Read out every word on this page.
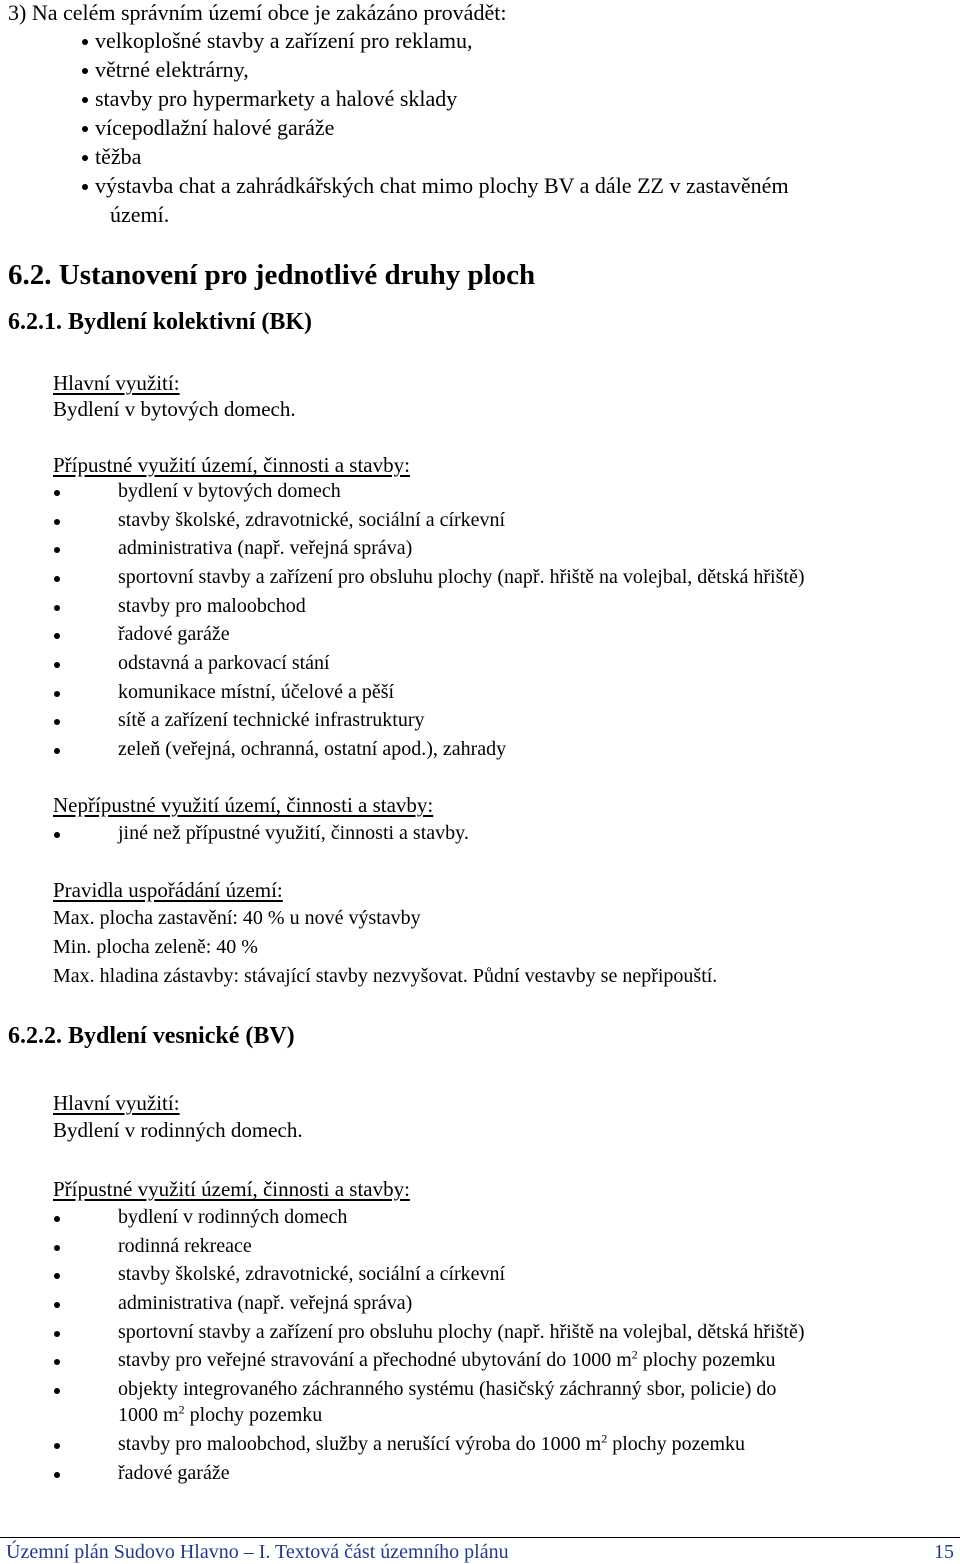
3) Na celém správním území obce je zakázáno provádět:
velkoplošné stavby a zařízení pro reklamu,
větrné elektrárny,
stavby pro hypermarkety a halové sklady
vícepodlažní halové garáže
těžba
výstavba chat a zahrádkářských chat mimo plochy BV a dále ZZ v zastavěném
území.
6.2. Ustanovení pro jednotlivé druhy ploch
6.2.1. Bydlení kolektivní (BK)
Hlavní využití:
Bydlení v bytových domech.
Přípustné využití území, činnosti a stavby:
bydlení v bytových domech
stavby školské, zdravotnické, sociální a církevní
administrativa (např. veřejná správa)
sportovní stavby a zařízení pro obsluhu plochy (např. hřiště na volejbal, dětská hřiště)
stavby pro maloobchod
řadové garáže
odstavná a parkovací stání
komunikace místní, účelové a pěší
sítě a zařízení technické infrastruktury
zeleň (veřejná, ochranná, ostatní apod.), zahrady
Nepřípustné využití území, činnosti a stavby:
jiné než přípustné využití, činnosti a stavby.
Pravidla uspořádání území:
Max. plocha zastavění: 40 % u nové výstavby
Min. plocha zeleně: 40 %
Max. hladina zástavby: stávající stavby nezvyšovat. Půdní vestavby se nepřipouští.
6.2.2. Bydlení vesnické (BV)
Hlavní využití:
Bydlení v rodinných domech.
Přípustné využití území, činnosti a stavby:
bydlení v rodinných domech
rodinná rekreace
stavby školské, zdravotnické, sociální a církevní
administrativa (např. veřejná správa)
sportovní stavby a zařízení pro obsluhu plochy (např. hřiště na volejbal, dětská hřiště)
stavby pro veřejné stravování a přechodné ubytování do 1000 $m^2$ plochy pozemku
objekty integrovaného záchranného systému (hasičský záchranný sbor, policie) do
1000 $m^2$ plochy pozemku
stavby pro maloobchod, služby a nerušící výroba do 1000 $m^2$ plochy pozemku
řadové garáže
Územní plán Sudovo Hlavno – I. Textová část územního plánu	15
